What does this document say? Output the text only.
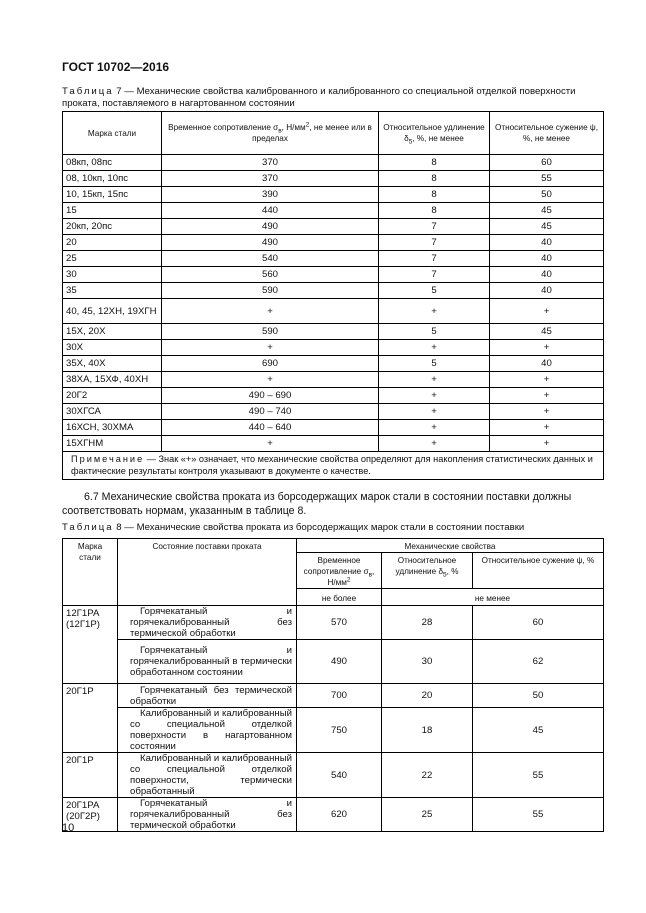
ГОСТ 10702—2016
Таблица 7 — Механические свойства калиброванного и калиброванного со специальной отделкой поверхности проката, поставляемого в нагартованном состоянии
Марка стали	Временное сопротивление $\sigma_в$, $Н/мм^2$, не менее или в пределах	Относительное удлинение $\delta_5$, %, не менее	Относительное сужение ψ, %, не менее
08кп, 08пс	370	8	60
08, 10кп, 10пс	370	8	55
10, 15кп, 15пс	390	8	50
15	440	8	45
20кп, 20пс	490	7	45
20	490	7	40
25	540	7	40
30	560	7	40
35	590	5	40
40, 45, 12ХН, 19ХГН	+	+	+
15Х, 20Х	590	5	45
30Х	+	+	+
35Х, 40Х	690	5	40
38ХА, 15ХФ, 40ХН	+	+	+
20Г2	490 – 690	+	+
30ХГСА	490 – 740	+	+
16ХСН, 30ХМА	440 – 640	+	+
15ХГНМ	+	+	+
Примечание — Знак «+» означает, что механические свойства определяют для накопления статистических данных и фактические результаты контроля указывают в документе о качестве.			
6.7 Механические свойства проката из борсодержащих марок стали в состоянии поставки должны соответствовать нормам, указанным в таблице 8.
Таблица 8 — Механические свойства проката из борсодержащих марок стали в состоянии поставки
Марка стали	Состояние поставки проката	Механические свойства		
		Временное сопротивление $\sigma_в$, $Н/мм^2$	Относительное удлинение $\delta_5$, %	Относительное сужение ψ, %
		не более	не менее	
12Г1РА (12Г1Р)	Горячекатаный и горячекалиброванный без термической обработки	570	28	60
	Горячекатаный и горячекалиброванный в термически обработанном состоянии	490	30	62
20Г1Р	Горячекатаный без термической обработки	700	20	50
	Калиброванный и калиброванный со специальной отделкой поверхности в нагартованном состоянии	750	18	45
20Г1Р	Калиброванный и калиброванный со специальной отделкой поверхности, термически обработанный	540	22	55
20Г1РА (20Г2Р)	Горячекатаный и горячекалиброванный без термической обработки	620	25	55
10
